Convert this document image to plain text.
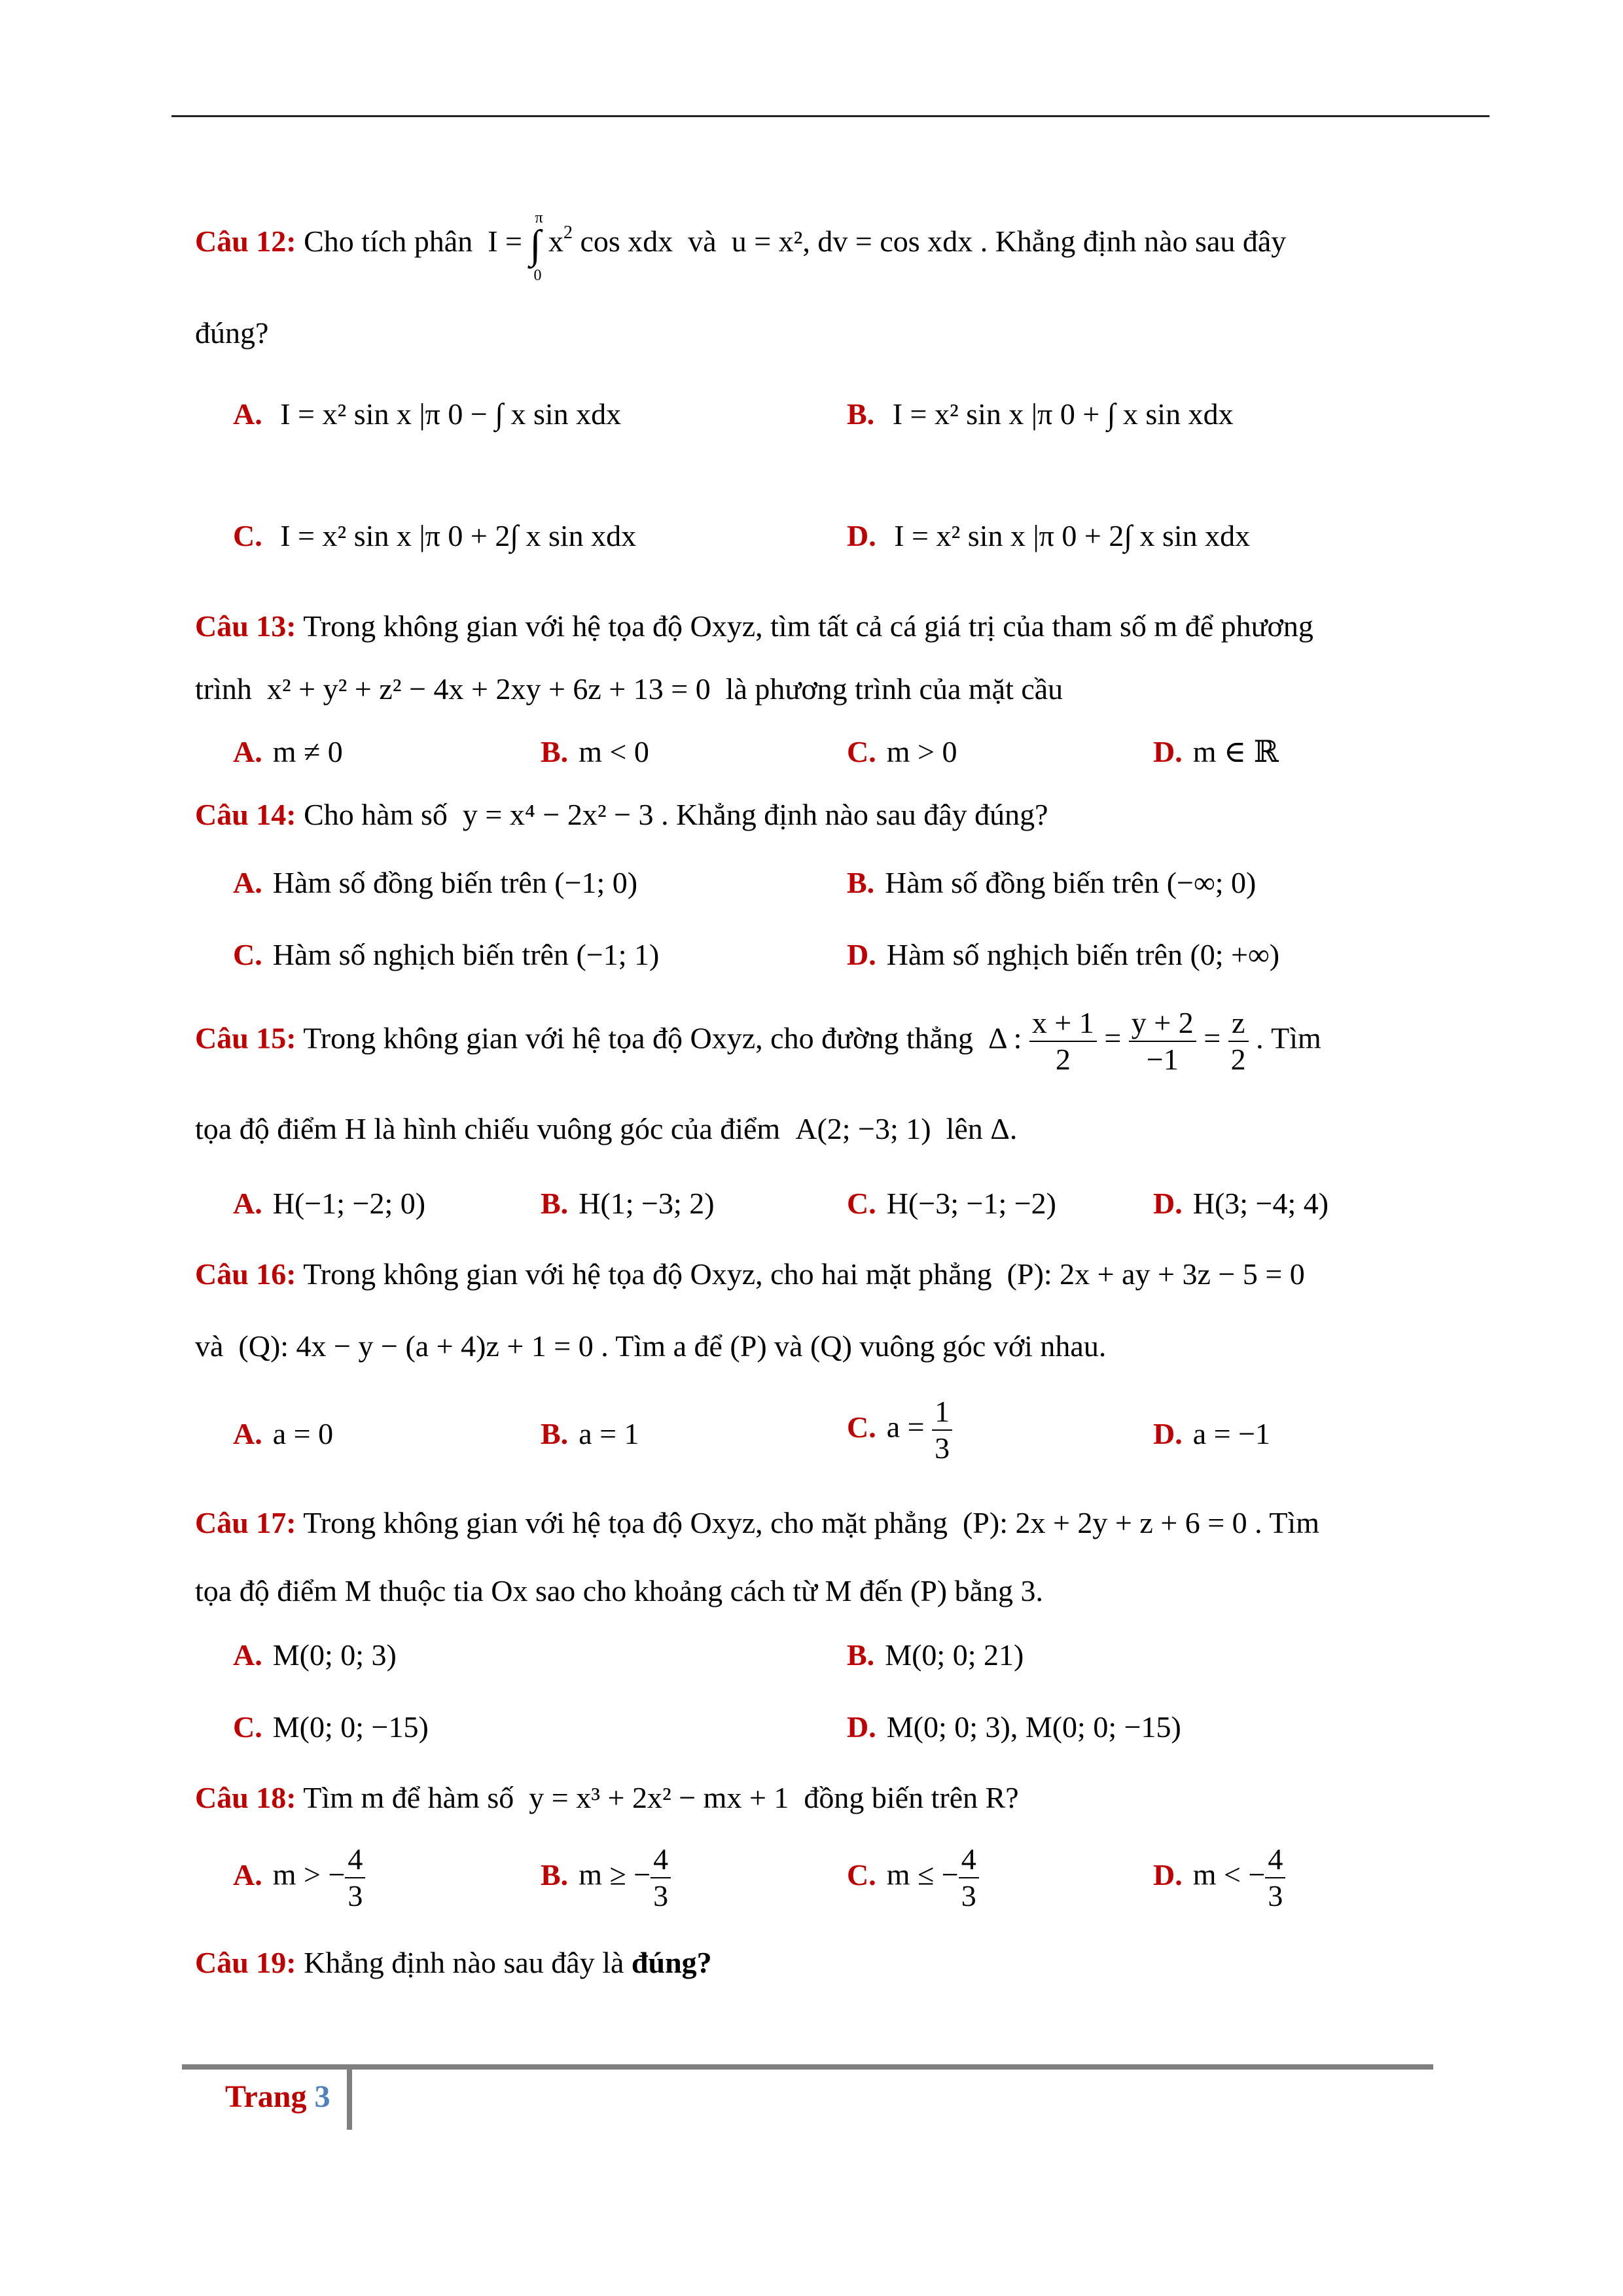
Câu 12: Cho tích phân I = ∫
π
0
$x^2$ cos xdx và u = x², dv = cos xdx . Khẳng định nào sau đây
đúng?
A. I = x² sin x |π 0 − ∫ x sin xdx	B. I = x² sin x |π 0 + ∫ x sin xdx
C. I = x² sin x |π 0 + 2∫ x sin xdx	D. I = x² sin x |π 0 + 2∫ x sin xdx
Câu 13: Trong không gian với hệ tọa độ Oxyz, tìm tất cả cá giá trị của tham số m để phương
trình x² + y² + z² − 4x + 2xy + 6z + 13 = 0 là phương trình của mặt cầu
A. m ≠ 0	B. m < 0	C. m > 0	D. m ∈ ℝ
Câu 14: Cho hàm số y = x⁴ − 2x² − 3 . Khẳng định nào sau đây đúng?
A. Hàm số đồng biến trên (−1; 0)	B. Hàm số đồng biến trên (−∞; 0)
C. Hàm số nghịch biến trên (−1; 1)	D. Hàm số nghịch biến trên (0; +∞)
Câu 15: Trong không gian với hệ tọa độ Oxyz, cho đường thẳng Δ : $\frac{x + 1}{2} = \frac{y + 2}{-1} = \frac{z}{2}$ . Tìm
tọa độ điểm H là hình chiếu vuông góc của điểm A(2; −3; 1) lên Δ.
A. H(−1; −2; 0)	B. H(1; −3; 2)	C. H(−3; −1; −2)	D. H(3; −4; 4)
Câu 16: Trong không gian với hệ tọa độ Oxyz, cho hai mặt phẳng (P): 2x + ay + 3z − 5 = 0
và (Q): 4x − y − (a + 4)z + 1 = 0 . Tìm a để (P) và (Q) vuông góc với nhau.
A. a = 0	B. a = 1	C. $a = \frac{1}{3}$	D. a = −1
Câu 17: Trong không gian với hệ tọa độ Oxyz, cho mặt phẳng (P): 2x + 2y + z + 6 = 0 . Tìm
tọa độ điểm M thuộc tia Ox sao cho khoảng cách từ M đến (P) bằng 3.
A. M(0; 0; 3)	B. M(0; 0; 21)
C. M(0; 0; −15)	D. M(0; 0; 3), M(0; 0; −15)
Câu 18: Tìm m để hàm số y = x³ + 2x² − mx + 1 đồng biến trên R?
A. m > − $\frac{4}{3}$	B. m ≥ − $\frac{4}{3}$	C. m ≤ − $\frac{4}{3}$	D. m < − $\frac{4}{3}$
Câu 19: Khẳng định nào sau đây là đúng?
Trang 3
